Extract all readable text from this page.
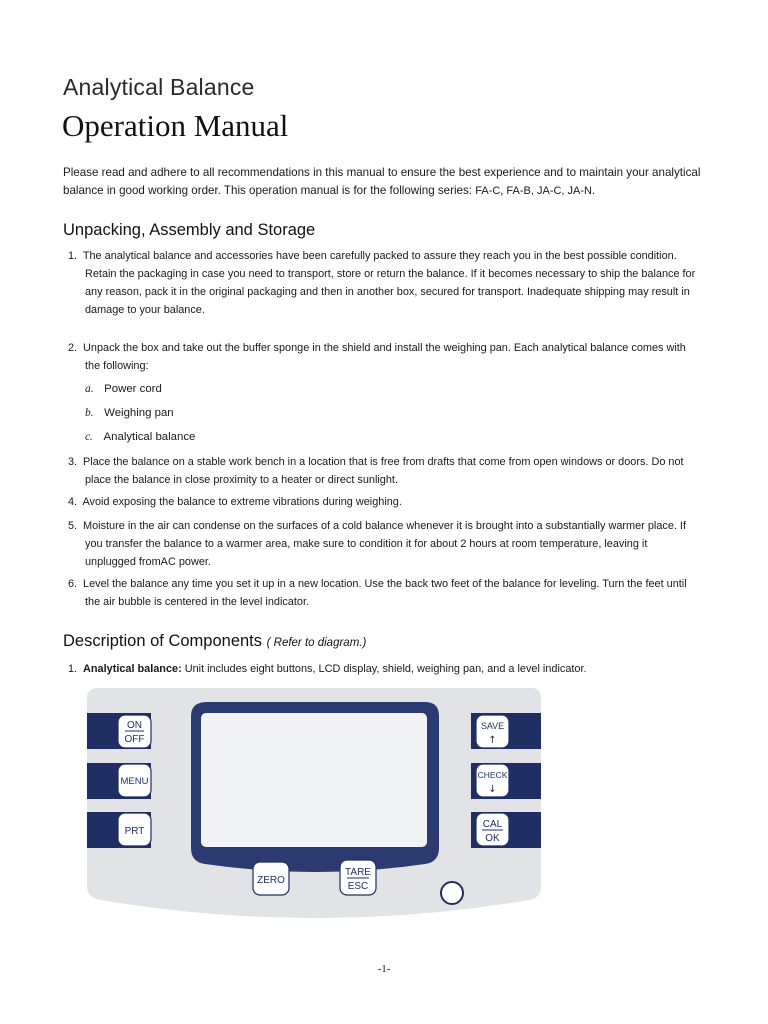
Analytical Balance
Operation Manual
Please read and adhere to all recommendations in this manual to ensure the best experience and to maintain your analytical balance in good working order. This operation manual is for the following series: FA-C, FA-B, JA-C, JA-N.
Unpacking, Assembly and Storage
1. The analytical balance and accessories have been carefully packed to assure they reach you in the best possible condition.
Retain the packaging in case you need to transport, store or return the balance. If it becomes necessary to ship the balance for any reason, pack it in the original packaging and then in another box, secured for transport. Inadequate shipping may result in damage to your balance.
2. Unpack the box and take out the buffer sponge in the shield and install the weighing pan. Each analytical balance comes with
the following:
a. Power cord
b. Weighing pan
c. Analytical balance
3. Place the balance on a stable work bench in a location that is free from drafts that come from open windows or doors. Do not
place the balance in close proximity to a heater or direct sunlight.
4. Avoid exposing the balance to extreme vibrations during weighing.
5. Moisture in the air can condense on the surfaces of a cold balance whenever it is brought into a substantially warmer place. If
you transfer the balance to a warmer area, make sure to condition it for about 2 hours at room temperature, leaving it unplugged fromAC power.
6. Level the balance any time you set it up in a new location. Use the back two feet of the balance for leveling. Turn the feet until
the air bubble is centered in the level indicator.
Description of Components ( Refer to diagram.)
1. Analytical balance: Unit includes eight buttons, LCD display, shield, weighing pan, and a level indicator.
ON
OFF
MENU
PRT
ZERO
TARE
ESC
SAVE
↑
CHECK
↓
CAL
OK
-1-
